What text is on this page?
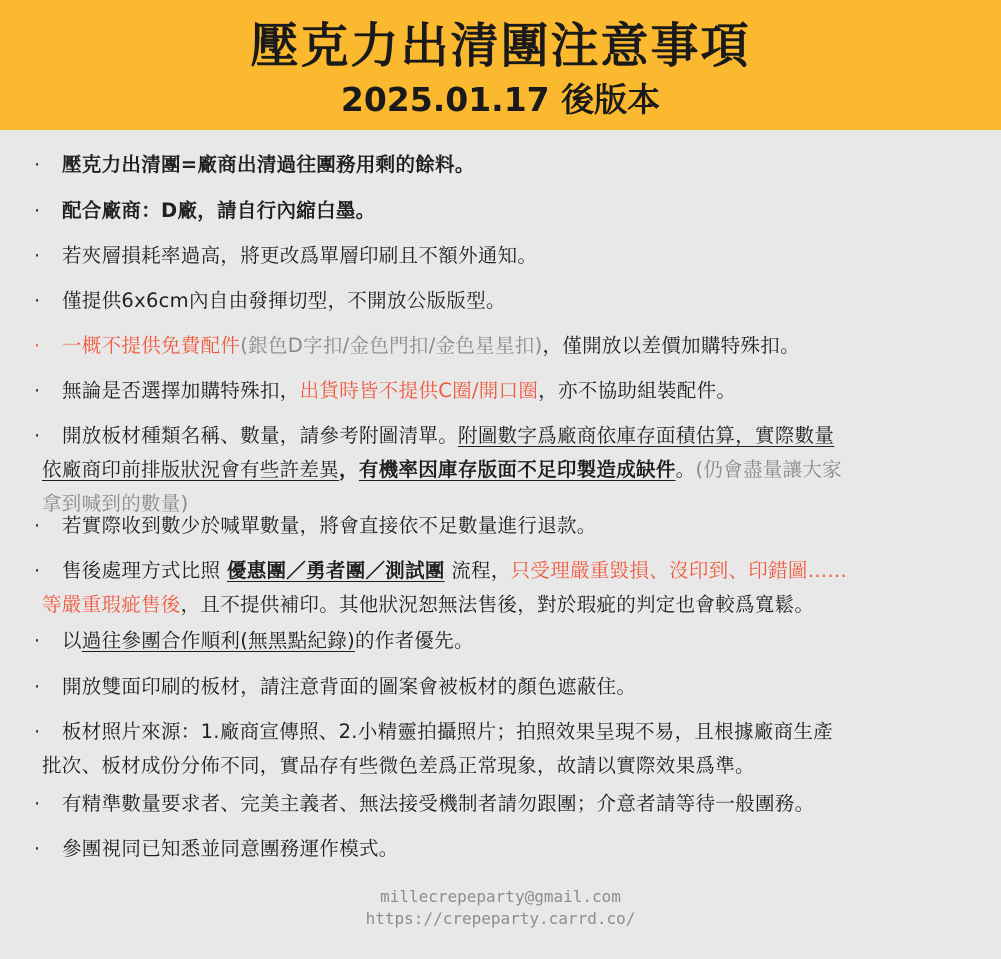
壓克力出清團注意事項
2025.01.17 後版本
·	壓克力出清團=廠商出清過往團務用剩的餘料。
·	配合廠商：D廠，請自行內縮白墨。
·	若夾層損耗率過高，將更改爲單層印刷且不額外通知。
·	僅提供6x6cm內自由發揮切型，不開放公版版型。
·	一概不提供免費配件(銀色D字扣/金色門扣/金色星星扣)，僅開放以差價加購特殊扣。
·	無論是否選擇加購特殊扣，出貨時皆不提供C圈/開口圈，亦不協助組裝配件。
·	開放板材種類名稱、數量，請參考附圖清單。附圖數字爲廠商依庫存面積估算，實際數量
依廠商印前排版狀況會有些許差異，有機率因庫存版面不足印製造成缺件。(仍會盡量讓大家
拿到喊到的數量)
·	若實際收到數少於喊單數量，將會直接依不足數量進行退款。
·	售後處理方式比照 優惠團／勇者團／測試團 流程，只受理嚴重毀損、沒印到、印錯圖……
等嚴重瑕疵售後，且不提供補印。其他狀況恕無法售後，對於瑕疵的判定也會較爲寬鬆。
·	以過往參團合作順利(無黑點紀錄)的作者優先。
·	開放雙面印刷的板材，請注意背面的圖案會被板材的顏色遮蔽住。
·	板材照片來源：1.廠商宣傳照、2.小精靈拍攝照片；拍照效果呈現不易，且根據廠商生產
批次、板材成份分佈不同，實品存有些微色差爲正常現象，故請以實際效果爲準。
·	有精準數量要求者、完美主義者、無法接受機制者請勿跟團；介意者請等待一般團務。
·	參團視同已知悉並同意團務運作模式。
millecrepeparty@gmail.com
https://crepeparty.carrd.co/
